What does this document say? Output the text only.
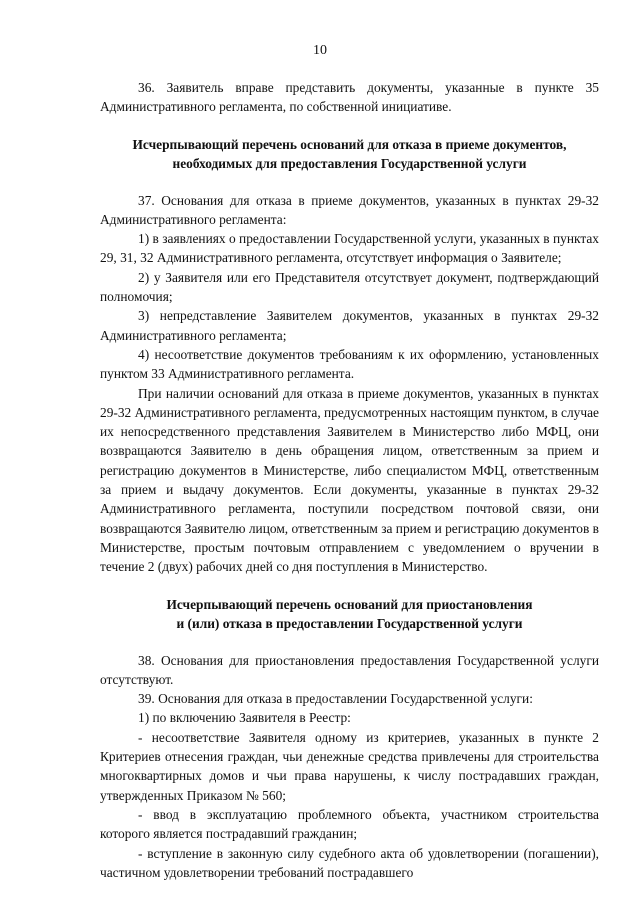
10

36. Заявитель вправе представить документы, указанные в пункте 35 Административного регламента, по собственной инициативе.

Исчерпывающий перечень оснований для отказа в приеме документов,
необходимых для предоставления Государственной услуги

37. Основания для отказа в приеме документов, указанных в пунктах 29-32 Административного регламента:

1) в заявлениях о предоставлении Государственной услуги, указанных в пунктах 29, 31, 32 Административного регламента, отсутствует информация о Заявителе;

2) у Заявителя или его Представителя отсутствует документ, подтверждающий полномочия;

3) непредставление Заявителем документов, указанных в пунктах 29-32 Административного регламента;

4) несоответствие документов требованиям к их оформлению, установленных пунктом 33 Административного регламента.

При наличии оснований для отказа в приеме документов, указанных в пунктах 29-32 Административного регламента, предусмотренных настоящим пунктом, в случае их непосредственного представления Заявителем в Министерство либо МФЦ, они возвращаются Заявителю в день обращения лицом, ответственным за прием и регистрацию документов в Министерстве, либо специалистом МФЦ, ответственным за прием и выдачу документов. Если документы, указанные в пунктах 29-32 Административного регламента, поступили посредством почтовой связи, они возвращаются Заявителю лицом, ответственным за прием и регистрацию документов в Министерстве, простым почтовым отправлением с уведомлением о вручении в течение 2 (двух) рабочих дней со дня поступления в Министерство.

Исчерпывающий перечень оснований для приостановления
и (или) отказа в предоставлении Государственной услуги

38. Основания для приостановления предоставления Государственной услуги отсутствуют.

39. Основания для отказа в предоставлении Государственной услуги:

1) по включению Заявителя в Реестр:

- несоответствие Заявителя одному из критериев, указанных в пункте 2 Критериев отнесения граждан, чьи денежные средства привлечены для строительства многоквартирных домов и чьи права нарушены, к числу пострадавших граждан, утвержденных Приказом № 560;

- ввод в эксплуатацию проблемного объекта, участником строительства которого является пострадавший гражданин;

- вступление в законную силу судебного акта об удовлетворении (погашении), частичном удовлетворении требований пострадавшего
